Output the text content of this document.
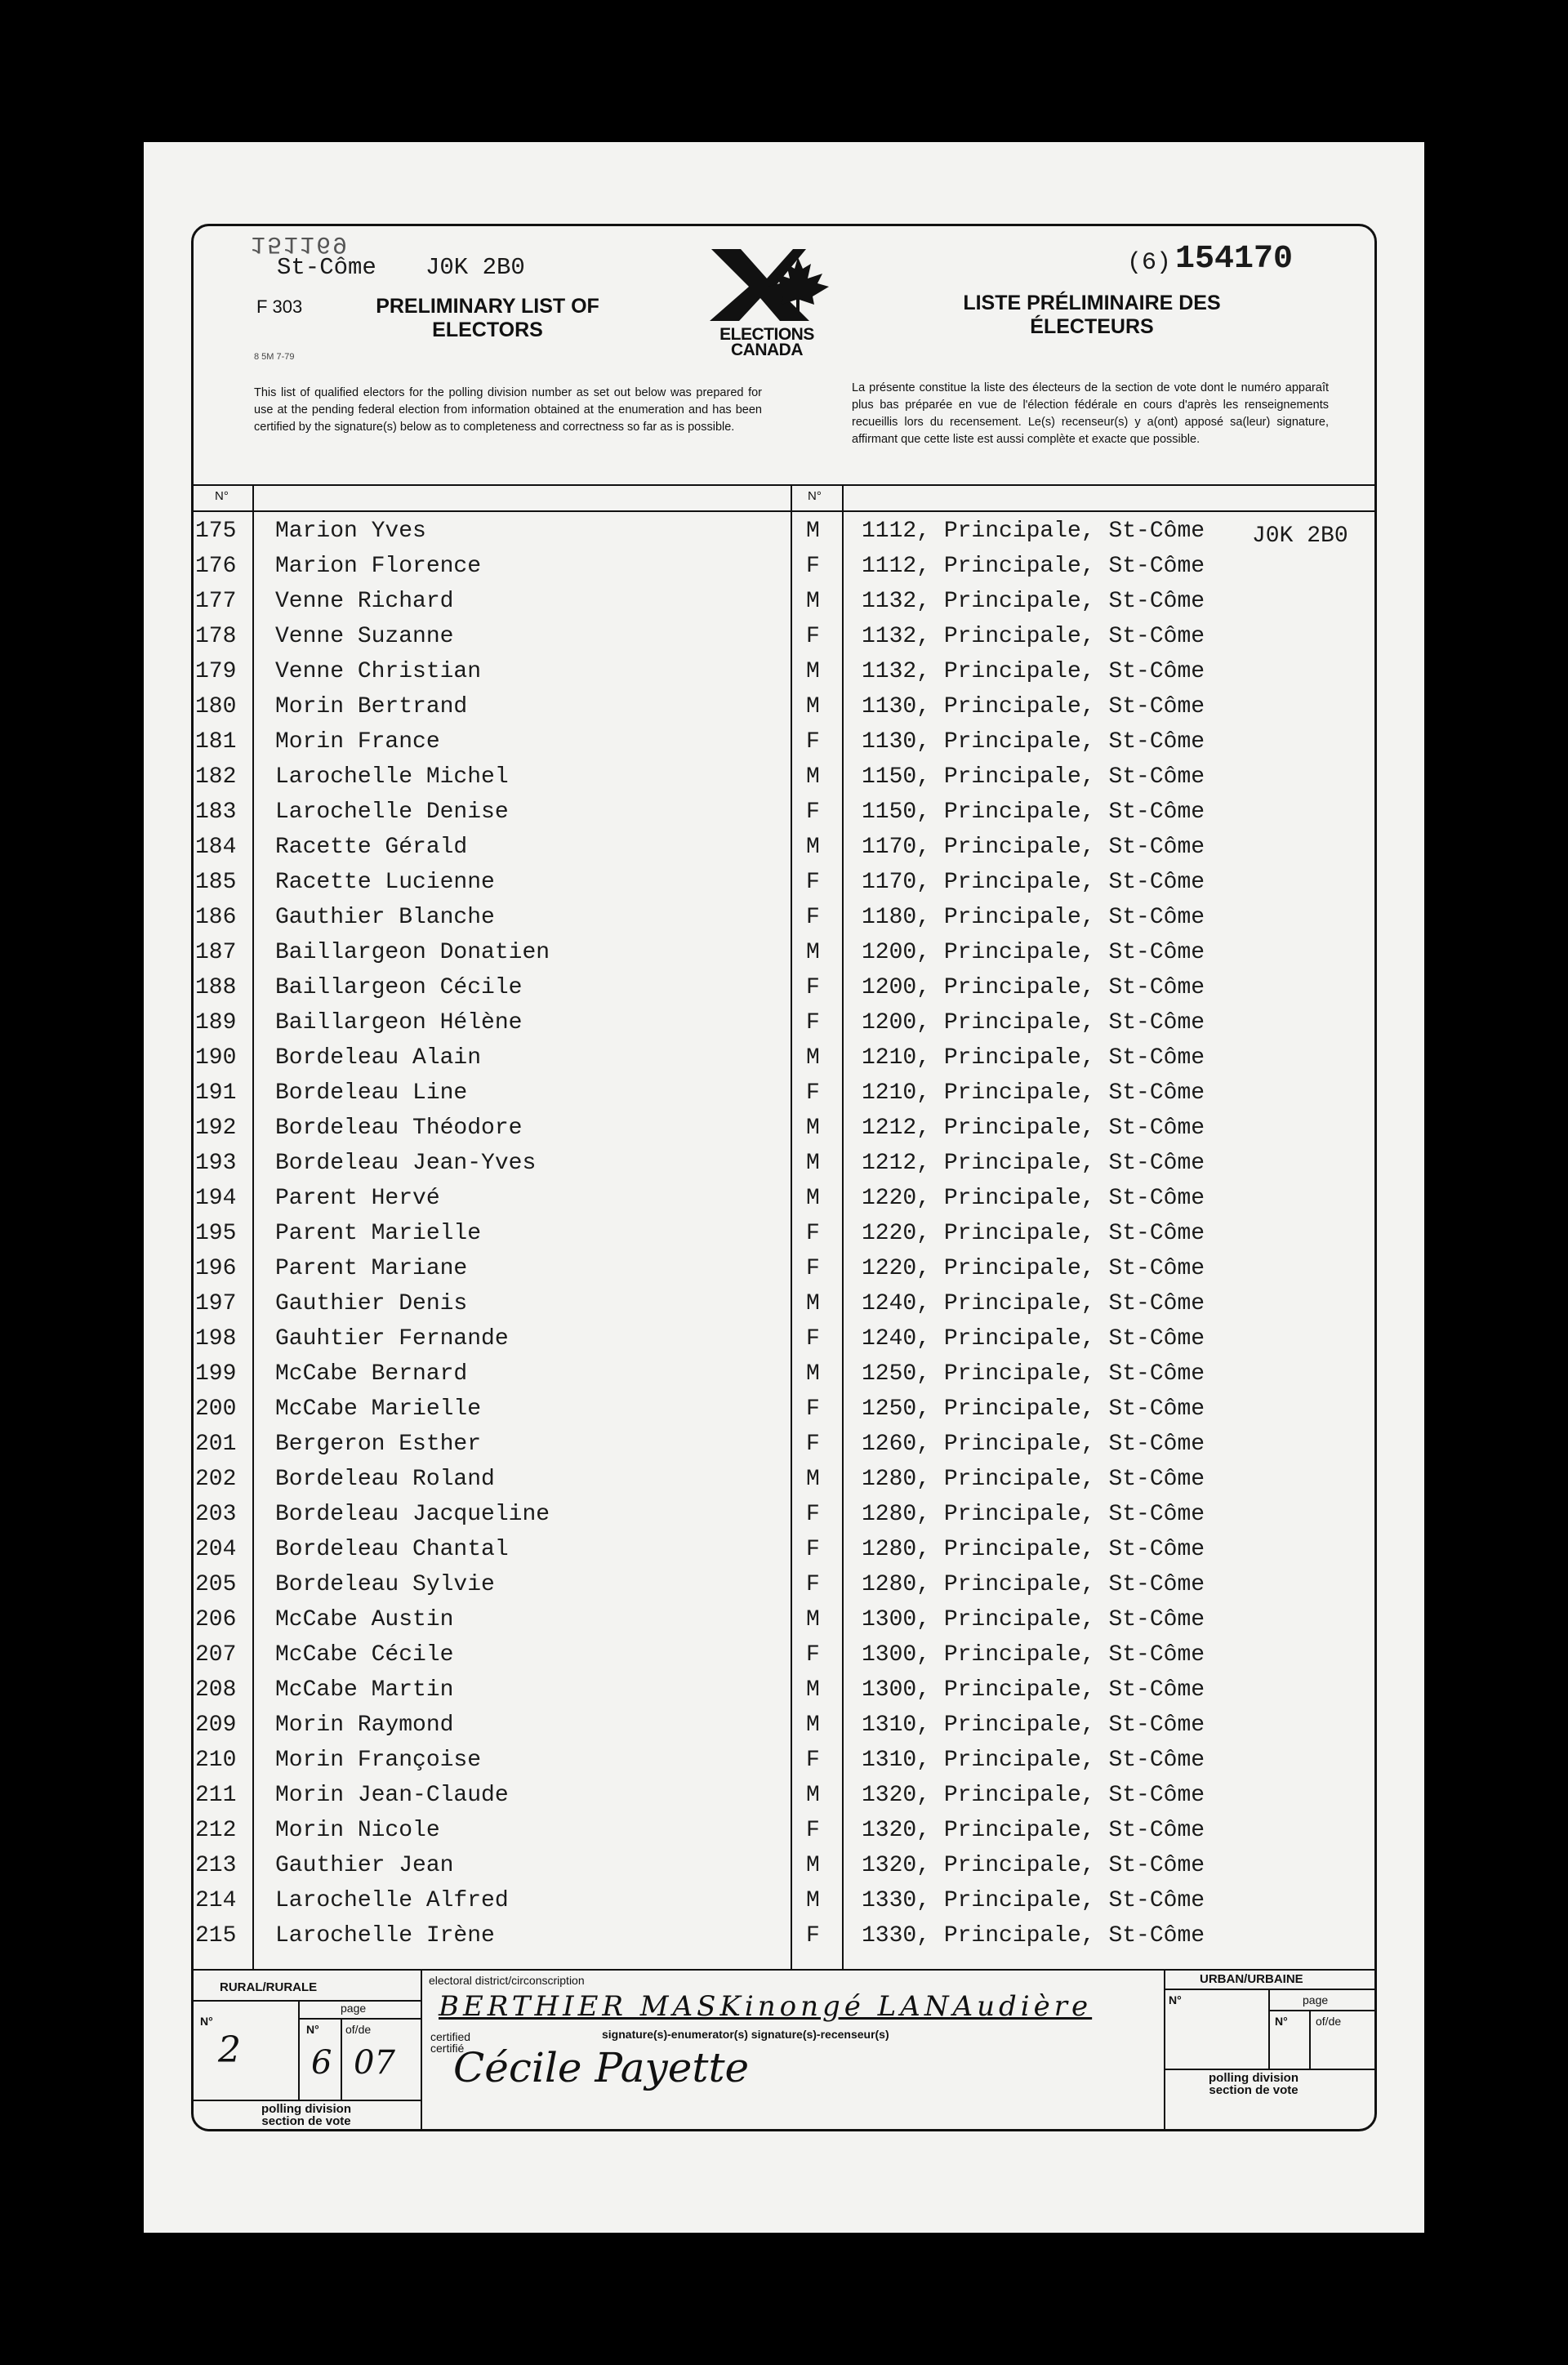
151169
St-Côme J0K 2B0
F 303	PRELIMINARY LIST OF
ELECTORS
8 5M 7-79
ELECTIONS
CANADA
(6) 154170
LISTE PRÉLIMINAIRE DES
ÉLECTEURS
This list of qualified electors for the polling division number as set out below was prepared for use at the pending federal election from information obtained at the enumeration and has been certified by the signature(s) below as to completeness and correctness so far as is possible.
La présente constitue la liste des électeurs de la section de vote dont le numéro apparaît plus bas préparée en vue de l'élection fédérale en cours d'après les renseignements recueillis lors du recensement. Le(s) recenseur(s) y a(ont) apposé sa(leur) signature, affirmant que cette liste est aussi complète et exacte que possible.
N°	N°
175 Marion Yves	M 1112, Principale, St-Côme
176 Marion Florence	F 1112, Principale, St-Côme
177 Venne Richard	M 1132, Principale, St-Côme
178 Venne Suzanne	F 1132, Principale, St-Côme
179 Venne Christian	M 1132, Principale, St-Côme
180 Morin Bertrand	M 1130, Principale, St-Côme
181 Morin France	F 1130, Principale, St-Côme
182 Larochelle Michel	M 1150, Principale, St-Côme
183 Larochelle Denise	F 1150, Principale, St-Côme
184 Racette Gérald	M 1170, Principale, St-Côme
185 Racette Lucienne	F 1170, Principale, St-Côme
186 Gauthier Blanche	F 1180, Principale, St-Côme
187 Baillargeon Donatien	M 1200, Principale, St-Côme
188 Baillargeon Cécile	F 1200, Principale, St-Côme
189 Baillargeon Hélène	F 1200, Principale, St-Côme
190 Bordeleau Alain	M 1210, Principale, St-Côme
191 Bordeleau Line	F 1210, Principale, St-Côme
192 Bordeleau Théodore	M 1212, Principale, St-Côme
193 Bordeleau Jean-Yves	M 1212, Principale, St-Côme
194 Parent Hervé	M 1220, Principale, St-Côme
195 Parent Marielle	F 1220, Principale, St-Côme
196 Parent Mariane	F 1220, Principale, St-Côme
197 Gauthier Denis	M 1240, Principale, St-Côme
198 Gauhtier Fernande	F 1240, Principale, St-Côme
199 McCabe Bernard	M 1250, Principale, St-Côme
200 McCabe Marielle	F 1250, Principale, St-Côme
201 Bergeron Esther	F 1260, Principale, St-Côme
202 Bordeleau Roland	M 1280, Principale, St-Côme
203 Bordeleau Jacqueline	F 1280, Principale, St-Côme
204 Bordeleau Chantal	F 1280, Principale, St-Côme
205 Bordeleau Sylvie	F 1280, Principale, St-Côme
206 McCabe Austin	M 1300, Principale, St-Côme
207 McCabe Cécile	F 1300, Principale, St-Côme
208 McCabe Martin	M 1300, Principale, St-Côme
209 Morin Raymond	M 1310, Principale, St-Côme
210 Morin Françoise	F 1310, Principale, St-Côme
211 Morin Jean-Claude	M 1320, Principale, St-Côme
212 Morin Nicole	F 1320, Principale, St-Côme
213 Gauthier Jean	M 1320, Principale, St-Côme
214 Larochelle Alfred	M 1330, Principale, St-Côme
215 Larochelle Irène	F 1330, Principale, St-Côme
J0K 2B0
RURAL/RURALE
page
N°
N° of/de
2 6 07
polling division
section de vote
electoral district/circonscription
BERTHIER MASKinongé LANAudière
certified
certifié
signature(s)-enumerator(s) signature(s)-recenseur(s)
Cécile Payette
URBAN/URBAINE
N°	page
N° of/de
polling division
section de vote
